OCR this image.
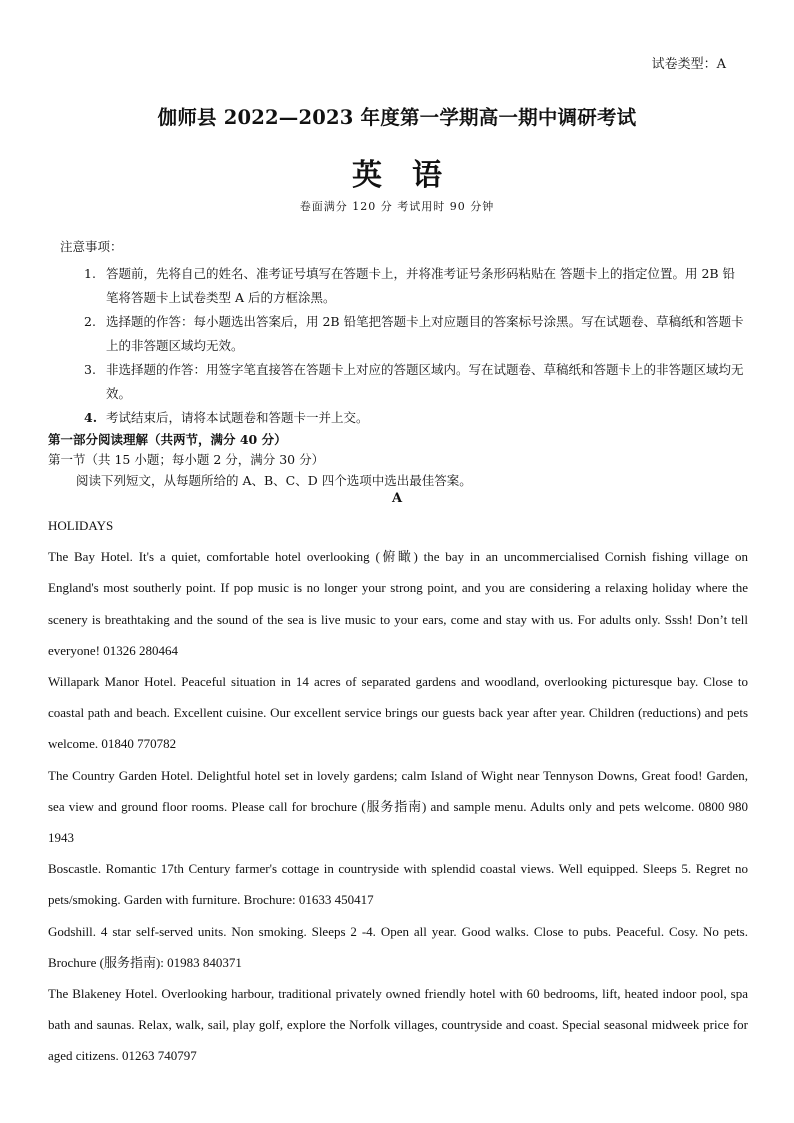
试卷类型：A
伽师县 2022—2023 年度第一学期高一期中调研考试
英语
卷面满分 120 分 考试用时 90 分钟
注意事项：
1. 答题前，先将自己的姓名、准考证号填写在答题卡上，并将准考证号条形码粘贴在 答题卡上的指定位置。用 2B 铅笔将答题卡上试卷类型 A 后的方框涂黑。
2. 选择题的作答：每小题选出答案后，用 2B 铅笔把答题卡上对应题目的答案标号涂黑。写在试题卷、草稿纸和答题卡上的非答题区域均无效。
3. 非选择题的作答：用签字笔直接答在答题卡上对应的答题区域内。写在试题卷、草稿纸和答题卡上的非答题区域均无效。
4. 考试结束后，请将本试题卷和答题卡一并上交。
第一部分阅读理解（共两节，满分 40 分）
第一节（共 15 小题；每小题 2 分，满分 30 分）
阅读下列短文，从每题所给的 A、B、C、D 四个选项中选出最佳答案。
A

HOLIDAYS

The Bay Hotel. It's a quiet, comfortable hotel overlooking (俯瞰) the bay in an uncommercialised Cornish fishing village on England's most southerly point. If pop music is no longer your strong point, and you are considering a relaxing holiday where the scenery is breathtaking and the sound of the sea is live music to your ears, come and stay with us. For adults only. Sssh! Don’t tell everyone! 01326 280464

Willapark Manor Hotel. Peaceful situation in 14 acres of separated gardens and woodland, overlooking picturesque bay. Close to coastal path and beach. Excellent cuisine. Our excellent service brings our guests back year after year. Children (reductions) and pets welcome. 01840 770782

The Country Garden Hotel. Delightful hotel set in lovely gardens; calm Island of Wight near Tennyson Downs, Great food! Garden, sea view and ground floor rooms. Please call for brochure (服务指南) and sample menu. Adults only and pets welcome. 0800 980 1943

Boscastle. Romantic 17th Century farmer's cottage in countryside with splendid coastal views. Well equipped. Sleeps 5. Regret no pets/smoking. Garden with furniture. Brochure: 01633 450417

Godshill. 4 star self-served units. Non smoking. Sleeps 2 -4. Open all year. Good walks. Close to pubs. Peaceful. Cosy. No pets. Brochure (服务指南): 01983 840371

The Blakeney Hotel. Overlooking harbour, traditional privately owned friendly hotel with 60 bedrooms, lift, heated indoor pool, spa bath and saunas. Relax, walk, sail, play golf, explore the Norfolk villages, countryside and coast. Special seasonal midweek price for aged citizens. 01263 740797
